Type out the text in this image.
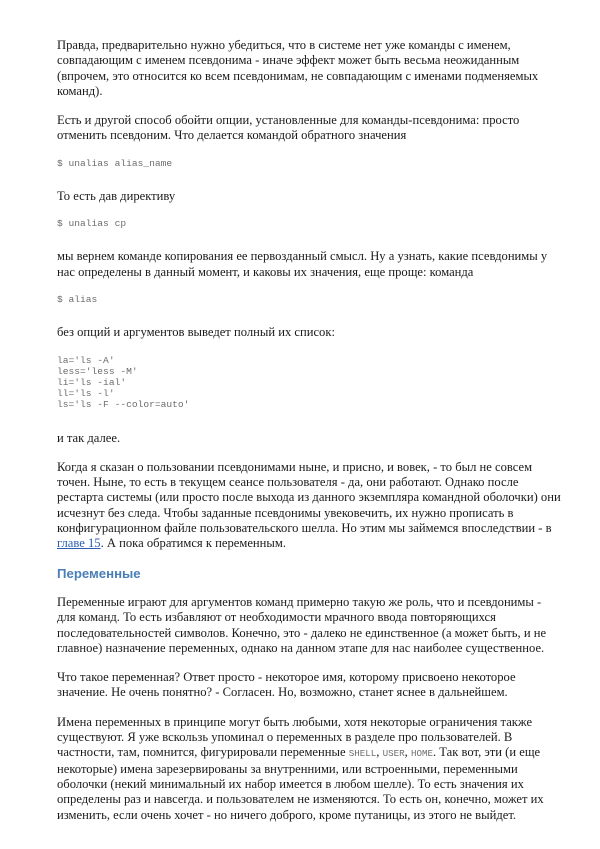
Правда, предварительно нужно убедиться, что в системе нет уже команды с именем, совпадающим с именем псевдонима - иначе эффект может быть весьма неожиданным (впрочем, это относится ко всем псевдонимам, не совпадающим с именами подменяемых команд).

Есть и другой способ обойти опции, установленные для команды-псевдонима: просто отменить псевдоним. Что делается командой обратного значения

$ unalias alias_name

То есть дав директиву

$ unalias cp

мы вернем команде копирования ее первозданный смысл. Ну а узнать, какие псевдонимы у нас определены в данный момент, и каковы их значения, еще проще: команда

$ alias

без опций и аргументов выведет полный их список:

la='ls -A'
less='less -M'
li='ls -ial'
ll='ls -l'
ls='ls -F --color=auto'

и так далее.

Когда я сказан о пользовании псевдонимами ныне, и присно, и вовек, - то был не совсем точен. Ныне, то есть в текущем сеансе пользователя - да, они работают. Однако после рестарта системы (или просто после выхода из данного экземпляра командной оболочки) они исчезнут без следа. Чтобы заданные псевдонимы увековечить, их нужно прописать в конфигурационном файле пользовательского шелла. Но этим мы займемся впоследствии - в главе 15. А пока обратимся к переменным.

Переменные

Переменные играют для аргументов команд примерно такую же роль, что и псевдонимы - для команд. То есть избавляют от необходимости мрачного ввода повторяющихся последовательностей символов. Конечно, это - далеко не единственное (а может быть, и не главное) назначение переменных, однако на данном этапе для нас наиболее существенное.

Что такое переменная? Ответ просто - некоторое имя, которому присвоено некоторое значение. Не очень понятно? - Согласен. Но, возможно, станет яснее в дальнейшем.

Имена переменных в принципе могут быть любыми, хотя некоторые ограничения также существуют. Я уже вскользь упоминал о переменных в разделе про пользователей. В частности, там, помнится, фигурировали переменные SHELL, USER, HOME. Так вот, эти (и еще некоторые) имена зарезервированы за внутренними, или встроенными, переменными оболочки (некий минимальный их набор имеется в любом шелле). То есть значения их определены раз и навсегда. и пользователем не изменяются. То есть он, конечно, может их изменить, если очень хочет - но ничего доброго, кроме путаницы, из этого не выйдет.
